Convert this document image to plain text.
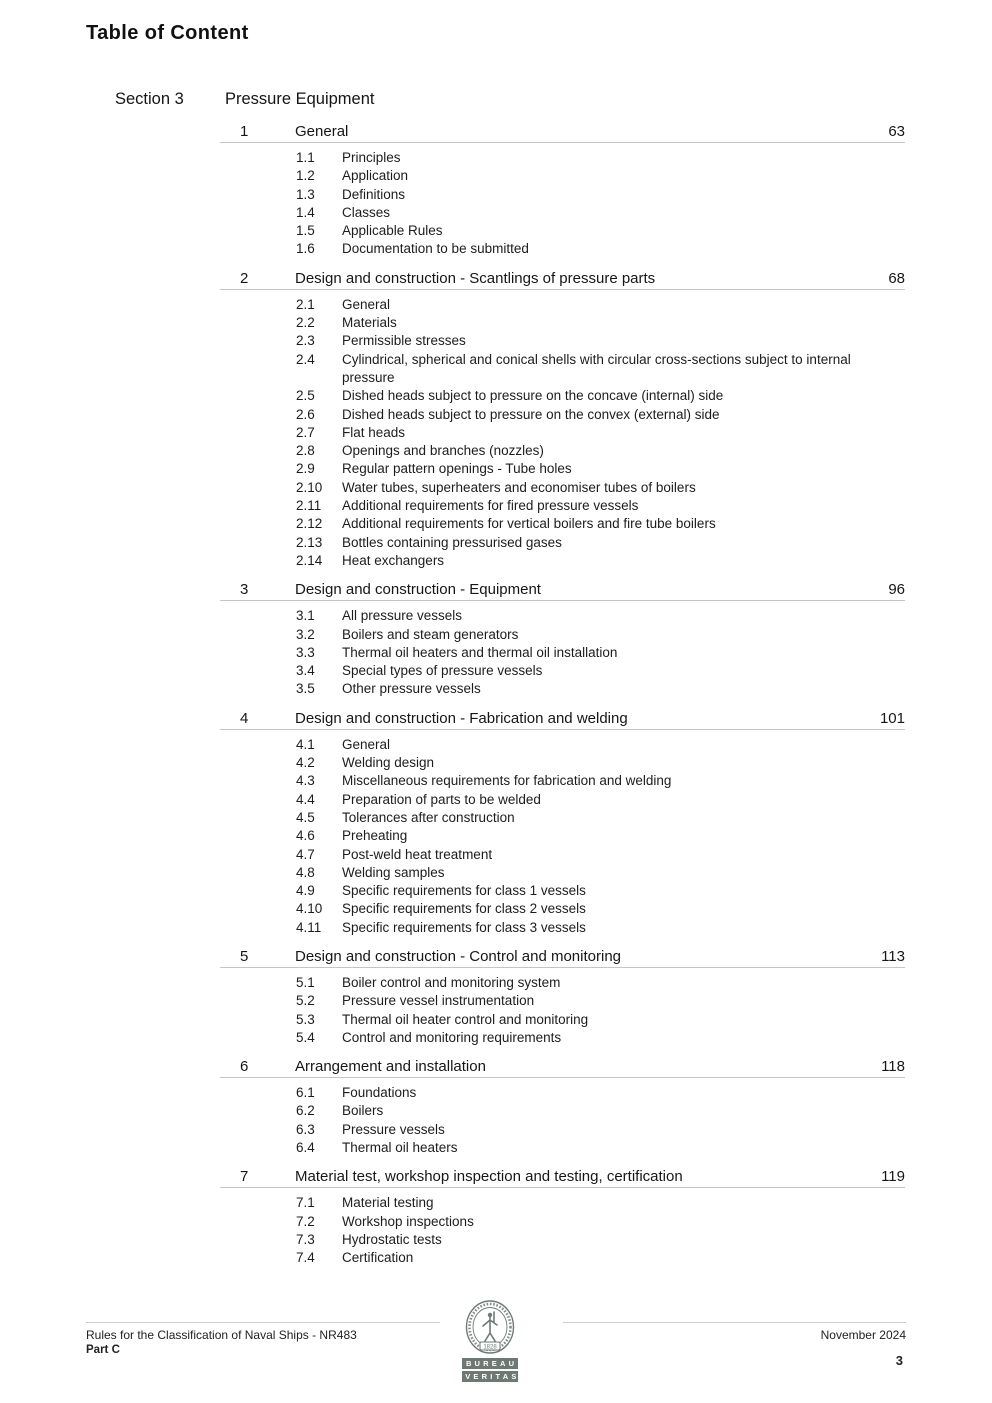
Table of Content
Section 3 Pressure Equipment
1	General	63
1.1	Principles
1.2	Application
1.3	Definitions
1.4	Classes
1.5	Applicable Rules
1.6	Documentation to be submitted
2	Design and construction - Scantlings of pressure parts	68
2.1	General
2.2	Materials
2.3	Permissible stresses
2.4	Cylindrical, spherical and conical shells with circular cross-sections subject to internal pressure
2.5	Dished heads subject to pressure on the concave (internal) side
2.6	Dished heads subject to pressure on the convex (external) side
2.7	Flat heads
2.8	Openings and branches (nozzles)
2.9	Regular pattern openings - Tube holes
2.10	Water tubes, superheaters and economiser tubes of boilers
2.11	Additional requirements for fired pressure vessels
2.12	Additional requirements for vertical boilers and fire tube boilers
2.13	Bottles containing pressurised gases
2.14	Heat exchangers
3	Design and construction - Equipment	96
3.1	All pressure vessels
3.2	Boilers and steam generators
3.3	Thermal oil heaters and thermal oil installation
3.4	Special types of pressure vessels
3.5	Other pressure vessels
4	Design and construction - Fabrication and welding	101
4.1	General
4.2	Welding design
4.3	Miscellaneous requirements for fabrication and welding
4.4	Preparation of parts to be welded
4.5	Tolerances after construction
4.6	Preheating
4.7	Post-weld heat treatment
4.8	Welding samples
4.9	Specific requirements for class 1 vessels
4.10	Specific requirements for class 2 vessels
4.11	Specific requirements for class 3 vessels
5	Design and construction - Control and monitoring	113
5.1	Boiler control and monitoring system
5.2	Pressure vessel instrumentation
5.3	Thermal oil heater control and monitoring
5.4	Control and monitoring requirements
6	Arrangement and installation	118
6.1	Foundations
6.2	Boilers
6.3	Pressure vessels
6.4	Thermal oil heaters
7	Material test, workshop inspection and testing, certification	119
7.1	Material testing
7.2	Workshop inspections
7.3	Hydrostatic tests
7.4	Certification
Rules for the Classification of Naval Ships - NR483
Part C
November 2024
3
1828
BUREAU
VERITAS
